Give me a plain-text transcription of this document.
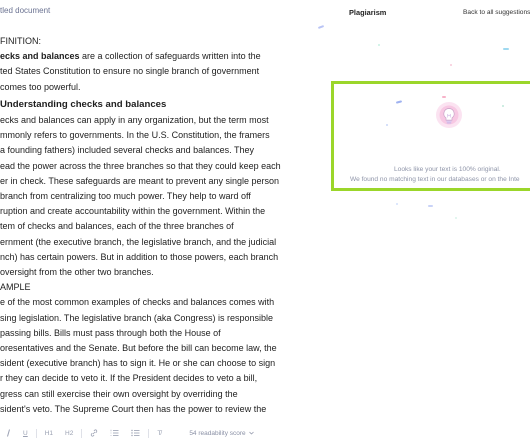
tled document

FINITION:

ecks and balances are a collection of safeguards written into the

ted States Constitution to ensure no single branch of government

comes too powerful.

Understanding checks and balances

ecks and balances can apply in any organization, but the term most

mmonly refers to governments. In the U.S. Constitution, the framers

a founding fathers) included several checks and balances. They

ead the power across the three branches so that they could keep each

er in check. These safeguards are meant to prevent any single person

branch from centralizing too much power. They help to ward off

ruption and create accountability within the government. Within the

tem of checks and balances, each of the three branches of

ernment (the executive branch, the legislative branch, and the judicial

nch) has certain powers. But in addition to those powers, each branch

oversight from the other two branches.

AMPLE

e of the most common examples of checks and balances comes with

sing legislation. The legislative branch (aka Congress) is responsible

passing bills. Bills must pass through both the House of

oresentatives and the Senate. But before the bill can become law, the

sident (executive branch) has to sign it. He or she can choose to sign

r they can decide to veto it. If the President decides to veto a bill,

gress can still exercise their own oversight by overriding the

sident's veto. The Supreme Court then has the power to review the

U	H1 H2	T̸	54 readability score
Plagiarism	Back to all suggestions
Looks like your text is 100% original.
We found no matching text in our databases or on the Inte
